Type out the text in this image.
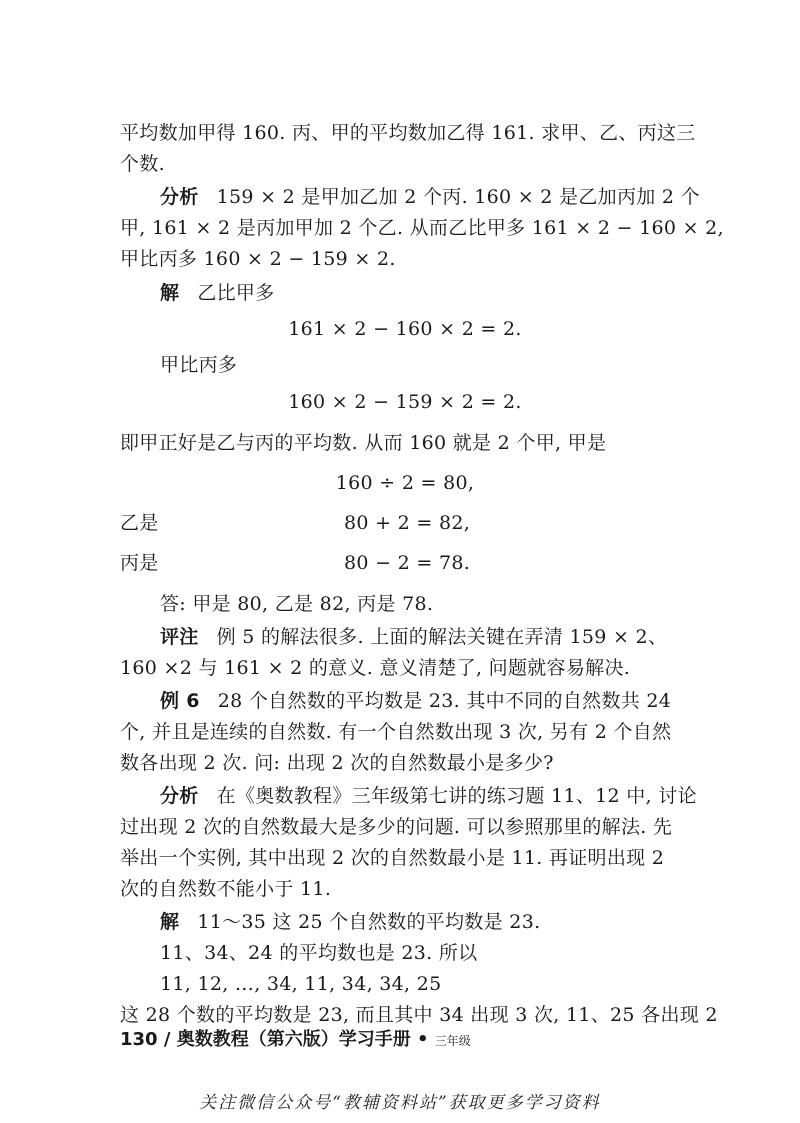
平均数加甲得 160. 丙、甲的平均数加乙得 161. 求甲、乙、丙这三
个数.
分析 159 × 2 是甲加乙加 2 个丙. 160 × 2 是乙加丙加 2 个
甲, 161 × 2 是丙加甲加 2 个乙. 从而乙比甲多 161 × 2 − 160 × 2,
甲比丙多 160 × 2 − 159 × 2.
解 乙比甲多
161 × 2 − 160 × 2 = 2.
甲比丙多
160 × 2 − 159 × 2 = 2.
即甲正好是乙与丙的平均数. 从而 160 就是 2 个甲, 甲是
160 ÷ 2 = 80,
乙是	80 + 2 = 82,
丙是	80 − 2 = 78.
答: 甲是 80, 乙是 82, 丙是 78.
评注 例 5 的解法很多. 上面的解法关键在弄清 159 × 2、
160 ×2 与 161 × 2 的意义. 意义清楚了, 问题就容易解决.
例 6 28 个自然数的平均数是 23. 其中不同的自然数共 24
个, 并且是连续的自然数. 有一个自然数出现 3 次, 另有 2 个自然
数各出现 2 次. 问: 出现 2 次的自然数最小是多少?
分析 在《奥数教程》三年级第七讲的练习题 11、12 中, 讨论
过出现 2 次的自然数最大是多少的问题. 可以参照那里的解法. 先
举出一个实例, 其中出现 2 次的自然数最小是 11. 再证明出现 2
次的自然数不能小于 11.
解 11～35 这 25 个自然数的平均数是 23.
11、34、24 的平均数也是 23. 所以
11, 12, …, 34, 11, 34, 34, 25
这 28 个数的平均数是 23, 而且其中 34 出现 3 次, 11、25 各出现 2
130 / 奥数教程（第六版）学习手册 • 三年级
关注微信公众号“教辅资料站”获取更多学习资料
